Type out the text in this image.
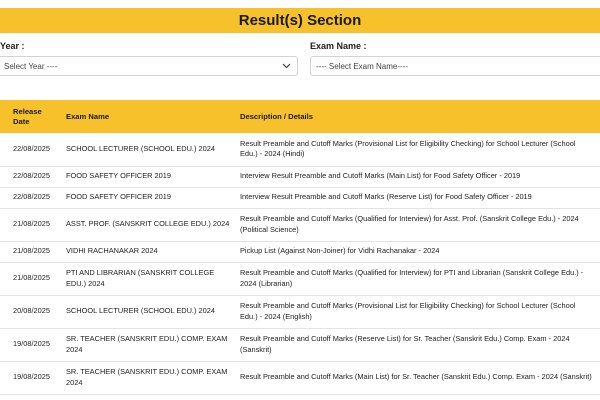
Result(s) Section
Year :	Exam Name :
Select Year ----	---- Select Exam Name----
Release Date	Exam Name	Description / Details
22/08/2025	SCHOOL LECTURER (SCHOOL EDU.) 2024	Result Preamble and Cutoff Marks (Provisional List for Eligibility Checking) for School Lecturer (School Edu.) - 2024 (Hindi)
22/08/2025	FOOD SAFETY OFFICER 2019	Interview Result Preamble and Cutoff Marks (Main List) for Food Safety Officer - 2019
22/08/2025	FOOD SAFETY OFFICER 2019	Interview Result Preamble and Cutoff Marks (Reserve List) for Food Safety Officer - 2019
21/08/2025	ASST. PROF. (SANSKRIT COLLEGE EDU.) 2024	Result Preamble and Cutoff Marks (Qualified for Interview) for Asst. Prof. (Sanskrit College Edu.) - 2024 (Political Science)
21/08/2025	VIDHI RACHANAKAR 2024	Pickup List (Against Non-Joiner) for Vidhi Rachanakar - 2024
21/08/2025	PTI AND LIBRARIAN (SANSKRIT COLLEGE EDU.) 2024	Result Preamble and Cutoff Marks (Qualified for Interview) for PTI and Librarian (Sanskrit College Edu.) - 2024 (Librarian)
20/08/2025	SCHOOL LECTURER (SCHOOL EDU.) 2024	Result Preamble and Cutoff Marks (Provisional List for Eligibility Checking) for School Lecturer (School Edu.) - 2024 (English)
19/08/2025	SR. TEACHER (SANSKRIT EDU.) COMP. EXAM 2024	Result Preamble and Cutoff Marks (Reserve List) for Sr. Teacher (Sanskrit Edu.) Comp. Exam - 2024 (Sanskrit)
19/08/2025	SR. TEACHER (SANSKRIT EDU.) COMP. EXAM 2024	Result Preamble and Cutoff Marks (Main List) for Sr. Teacher (Sanskrit Edu.) Comp. Exam - 2024 (Sanskrit)
